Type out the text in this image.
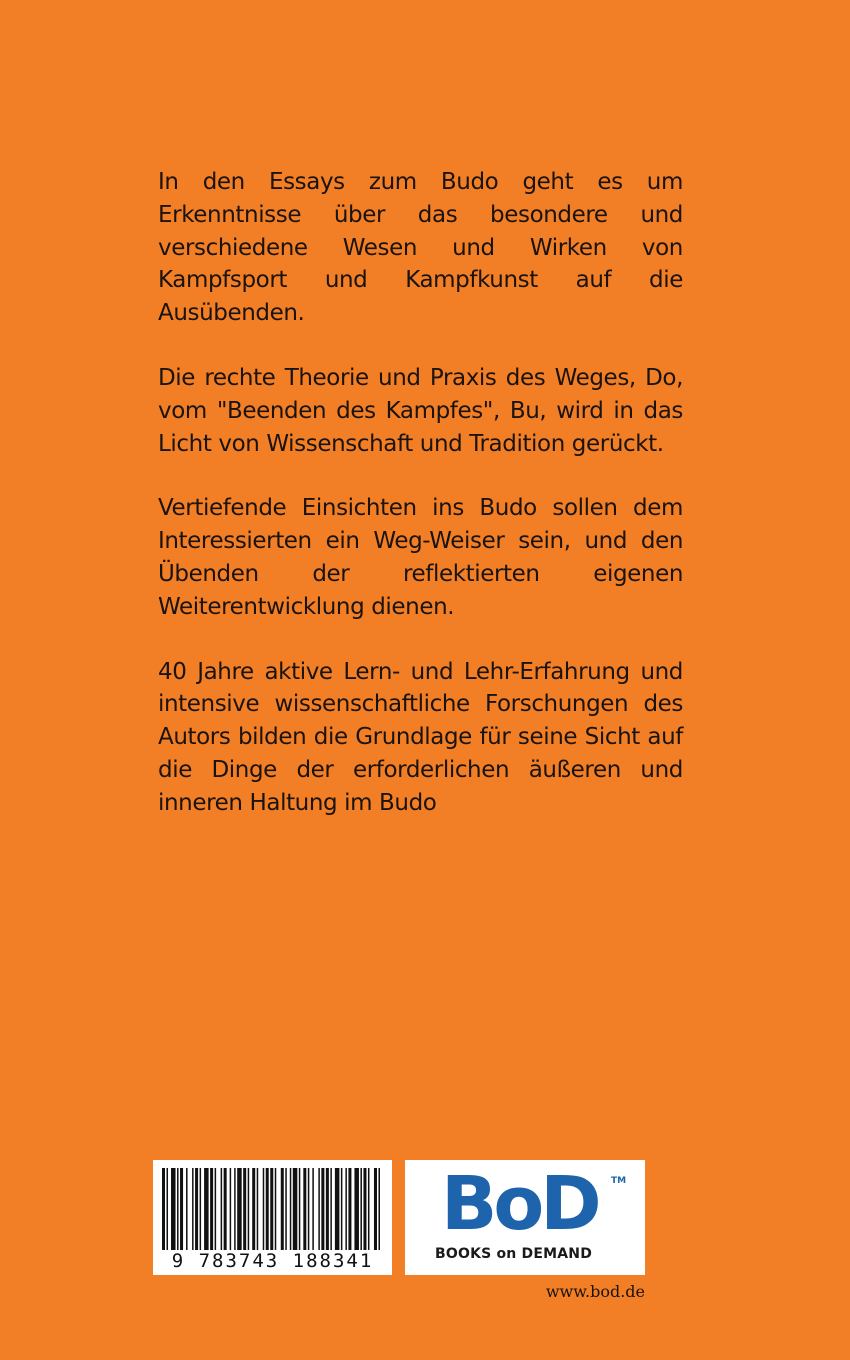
In den Essays zum Budo geht es um Erkenntnisse über das besondere und verschiedene Wesen und Wirken von Kampfsport und Kampfkunst auf die Ausübenden.

Die rechte Theorie und Praxis des Weges, Do, vom "Beenden des Kampfes", Bu, wird in das Licht von Wissenschaft und Tradition gerückt.

Vertiefende Einsichten ins Budo sollen dem Interessierten ein Weg-Weiser sein, und den Übenden der reflektierten eigenen Weiterentwicklung dienen.

40 Jahre aktive Lern- und Lehr-Erfahrung und intensive wissenschaftliche Forschungen des Autors bilden die Grundlage für seine Sicht auf die Dinge der erforderlichen äußeren und inneren Haltung im Budo

9 783743 188341
BoD TM
BOOKS on DEMAND
www.bod.de
